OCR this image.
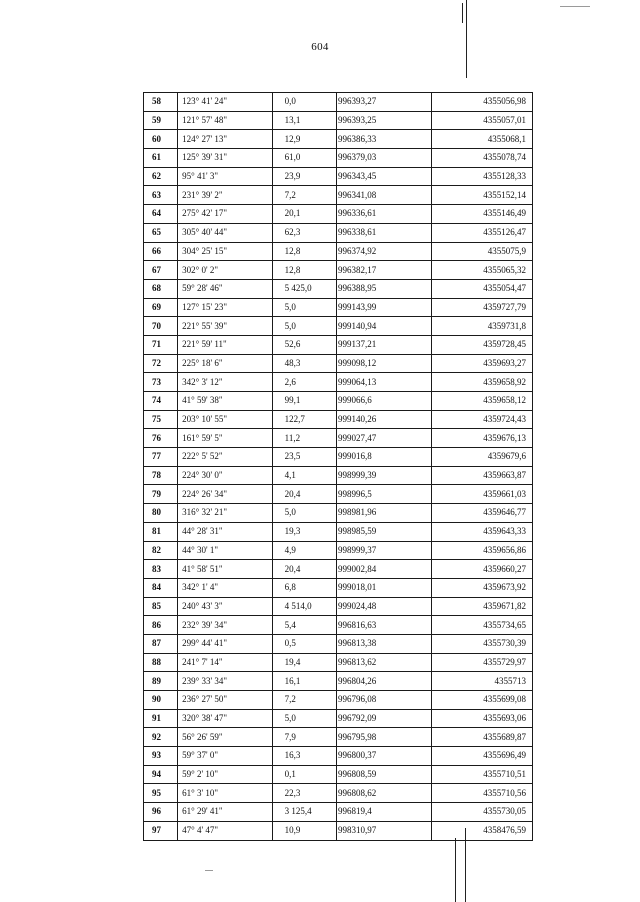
604
58	123° 41' 24"	0,0	996393,27	4355056,98
59	121° 57' 48"	13,1	996393,25	4355057,01
60	124° 27' 13"	12,9	996386,33	4355068,1
61	125° 39' 31"	61,0	996379,03	4355078,74
62	95° 41' 3"	23,9	996343,45	4355128,33
63	231° 39' 2"	7,2	996341,08	4355152,14
64	275° 42' 17"	20,1	996336,61	4355146,49
65	305° 40' 44"	62,3	996338,61	4355126,47
66	304° 25' 15"	12,8	996374,92	4355075,9
67	302° 0' 2"	12,8	996382,17	4355065,32
68	59° 28' 46"	5 425,0	996388,95	4355054,47
69	127° 15' 23"	5,0	999143,99	4359727,79
70	221° 55' 39"	5,0	999140,94	4359731,8
71	221° 59' 11"	52,6	999137,21	4359728,45
72	225° 18' 6"	48,3	999098,12	4359693,27
73	342° 3' 12"	2,6	999064,13	4359658,92
74	41° 59' 38"	99,1	999066,6	4359658,12
75	203° 10' 55"	122,7	999140,26	4359724,43
76	161° 59' 5"	11,2	999027,47	4359676,13
77	222° 5' 52"	23,5	999016,8	4359679,6
78	224° 30' 0"	4,1	998999,39	4359663,87
79	224° 26' 34"	20,4	998996,5	4359661,03
80	316° 32' 21"	5,0	998981,96	4359646,77
81	44° 28' 31"	19,3	998985,59	4359643,33
82	44° 30' 1"	4,9	998999,37	4359656,86
83	41° 58' 51"	20,4	999002,84	4359660,27
84	342° 1' 4"	6,8	999018,01	4359673,92
85	240° 43' 3"	4 514,0	999024,48	4359671,82
86	232° 39' 34"	5,4	996816,63	4355734,65
87	299° 44' 41"	0,5	996813,38	4355730,39
88	241° 7' 14"	19,4	996813,62	4355729,97
89	239° 33' 34"	16,1	996804,26	4355713
90	236° 27' 50"	7,2	996796,08	4355699,08
91	320° 38' 47"	5,0	996792,09	4355693,06
92	56° 26' 59"	7,9	996795,98	4355689,87
93	59° 37' 0"	16,3	996800,37	4355696,49
94	59° 2' 10"	0,1	996808,59	4355710,51
95	61° 3' 10"	22,3	996808,62	4355710,56
96	61° 29' 41"	3 125,4	996819,4	4355730,05
97	47° 4' 47"	10,9	998310,97	4358476,59
